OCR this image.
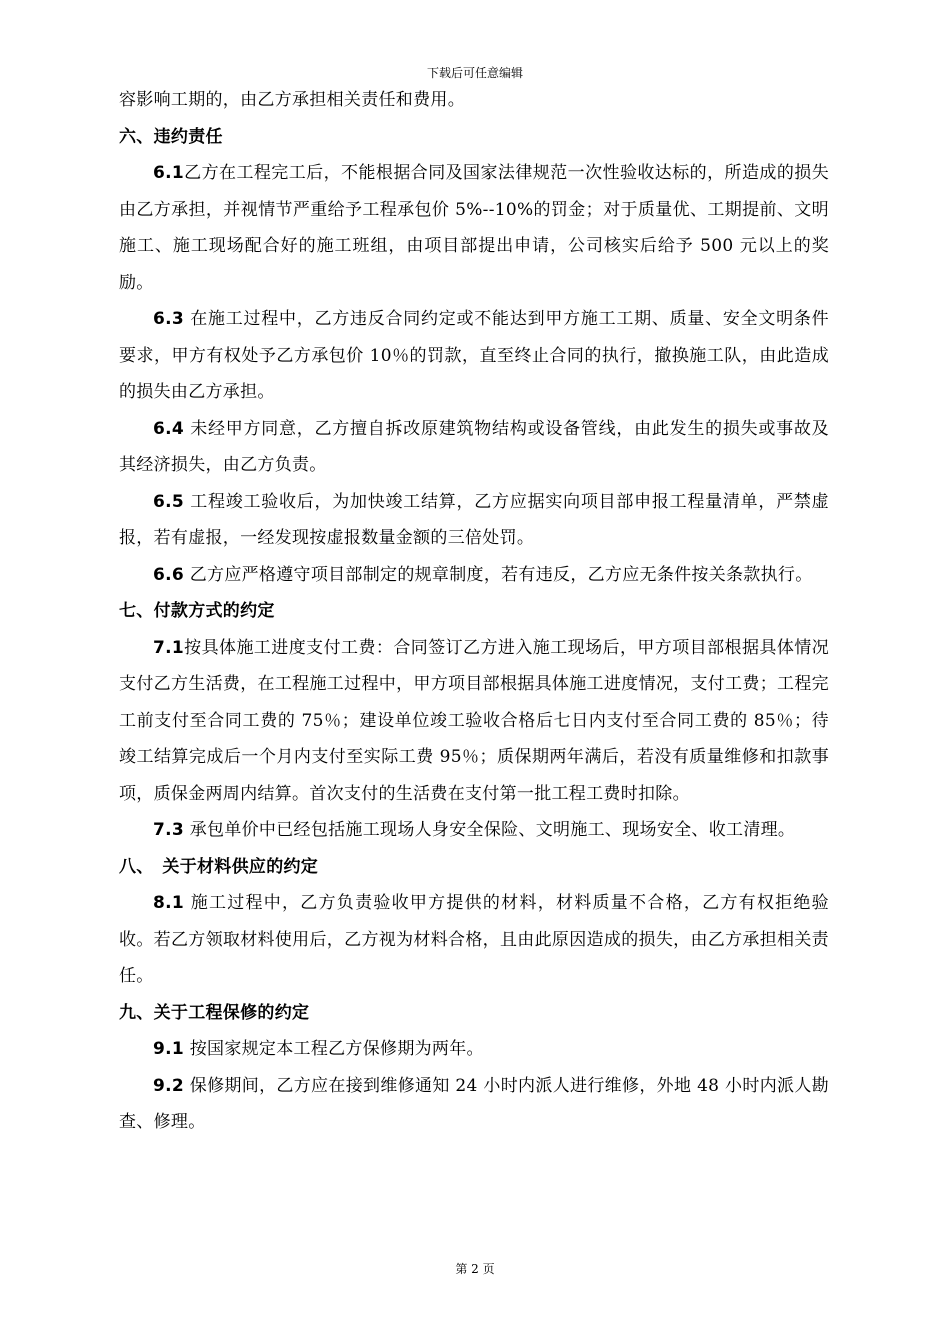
下载后可任意编辑

容影响工期的，由乙方承担相关责任和费用。

六、违约责任

6.1乙方在工程完工后，不能根据合同及国家法律规范一次性验收达标的，所造成的损失由乙方承担，并视情节严重给予工程承包价 5%--10%的罚金；对于质量优、工期提前、文明施工、施工现场配合好的施工班组，由项目部提出申请，公司核实后给予 500 元以上的奖励。

6.3 在施工过程中，乙方违反合同约定或不能达到甲方施工工期、质量、安全文明条件要求，甲方有权处予乙方承包价 10％的罚款，直至终止合同的执行，撤换施工队，由此造成的损失由乙方承担。

6.4 未经甲方同意，乙方擅自拆改原建筑物结构或设备管线，由此发生的损失或事故及其经济损失，由乙方负责。

6.5 工程竣工验收后，为加快竣工结算，乙方应据实向项目部申报工程量清单，严禁虚报，若有虚报，一经发现按虚报数量金额的三倍处罚。

6.6 乙方应严格遵守项目部制定的规章制度，若有违反，乙方应无条件按关条款执行。

七、付款方式的约定

7.1按具体施工进度支付工费：合同签订乙方进入施工现场后，甲方项目部根据具体情况支付乙方生活费，在工程施工过程中，甲方项目部根据具体施工进度情况，支付工费；工程完工前支付至合同工费的 75％；建设单位竣工验收合格后七日内支付至合同工费的 85％；待竣工结算完成后一个月内支付至实际工费 95％；质保期两年满后，若没有质量维修和扣款事项，质保金两周内结算。首次支付的生活费在支付第一批工程工费时扣除。

7.3 承包单价中已经包括施工现场人身安全保险、文明施工、现场安全、收工清理。

八、　关于材料供应的约定

8.1 施工过程中，乙方负责验收甲方提供的材料，材料质量不合格，乙方有权拒绝验收。若乙方领取材料使用后，乙方视为材料合格，且由此原因造成的损失，由乙方承担相关责任。

九、关于工程保修的约定

9.1 按国家规定本工程乙方保修期为两年。

9.2 保修期间，乙方应在接到维修通知 24 小时内派人进行维修，外地 48 小时内派人勘查、修理。

第 2 页
